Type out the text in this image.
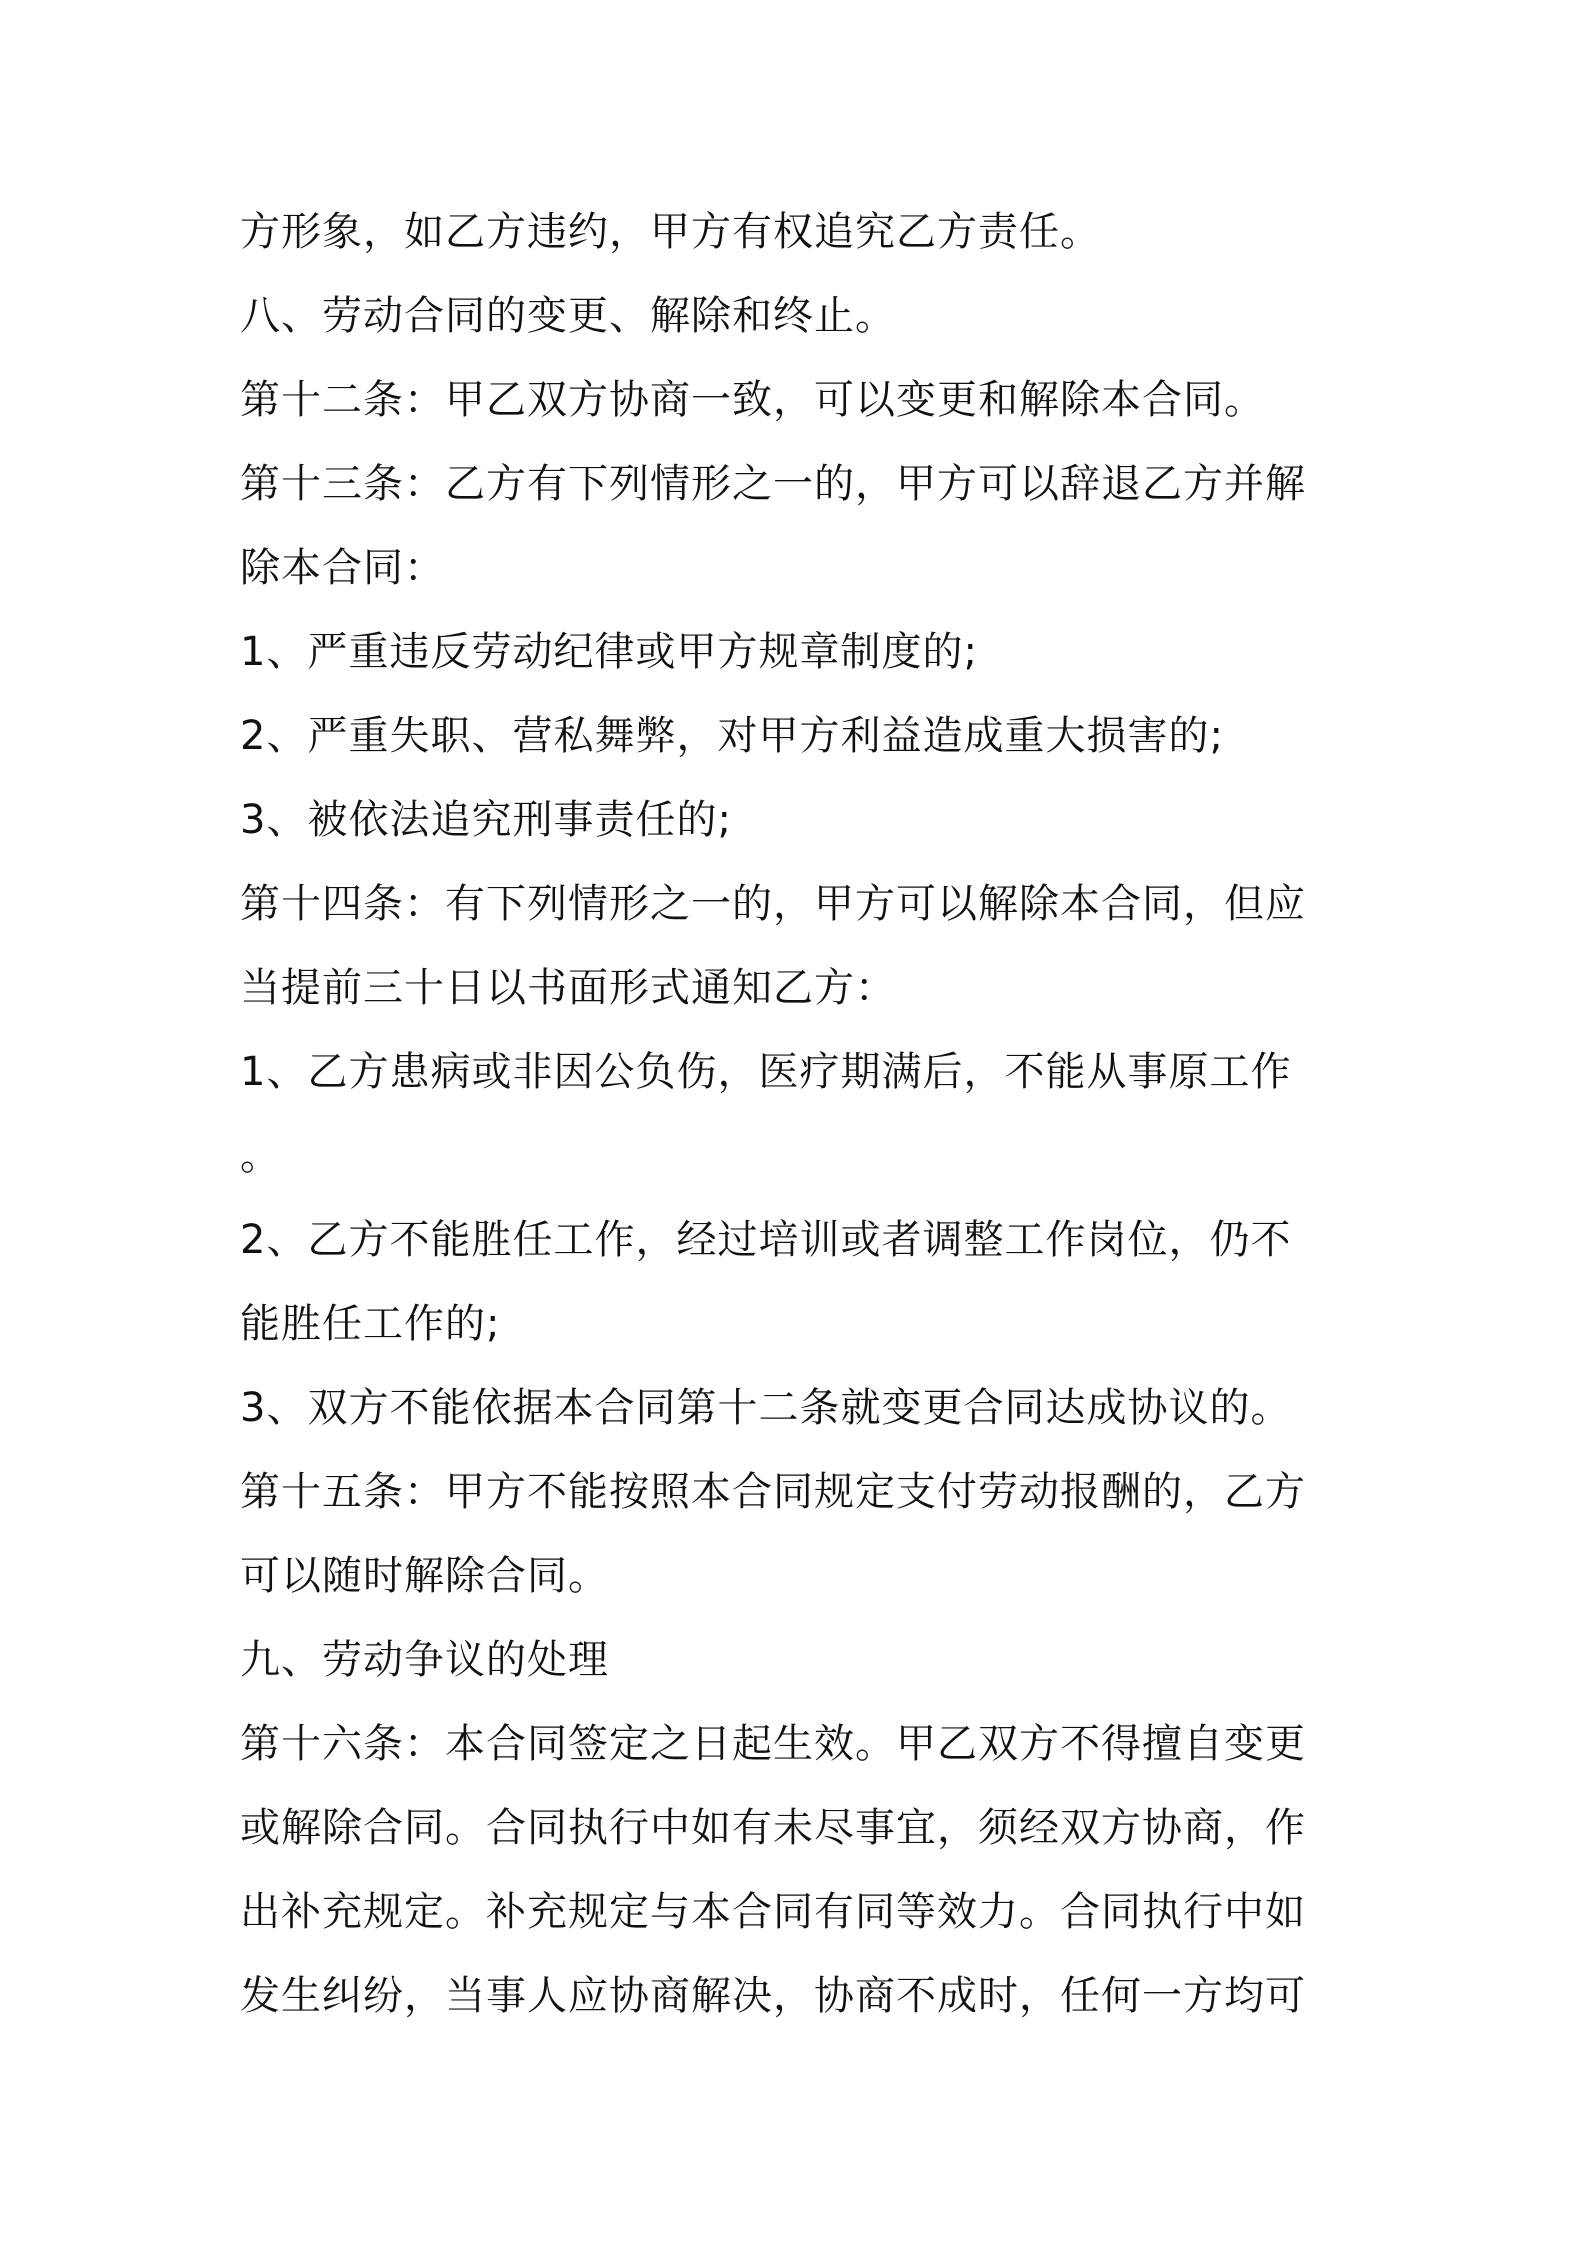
方形象，如乙方违约，甲方有权追究乙方责任。
八、劳动合同的变更、解除和终止。
第十二条：甲乙双方协商一致，可以变更和解除本合同。
第十三条：乙方有下列情形之一的，甲方可以辞退乙方并解
除本合同：
1、严重违反劳动纪律或甲方规章制度的;
2、严重失职、营私舞弊，对甲方利益造成重大损害的;
3、被依法追究刑事责任的;
第十四条：有下列情形之一的，甲方可以解除本合同，但应
当提前三十日以书面形式通知乙方：
1、乙方患病或非因公负伤，医疗期满后，不能从事原工作
。
2、乙方不能胜任工作，经过培训或者调整工作岗位，仍不
能胜任工作的;
3、双方不能依据本合同第十二条就变更合同达成协议的。
第十五条：甲方不能按照本合同规定支付劳动报酬的，乙方
可以随时解除合同。
九、劳动争议的处理
第十六条：本合同签定之日起生效。甲乙双方不得擅自变更
或解除合同。合同执行中如有未尽事宜，须经双方协商，作
出补充规定。补充规定与本合同有同等效力。合同执行中如
发生纠纷，当事人应协商解决，协商不成时，任何一方均可
